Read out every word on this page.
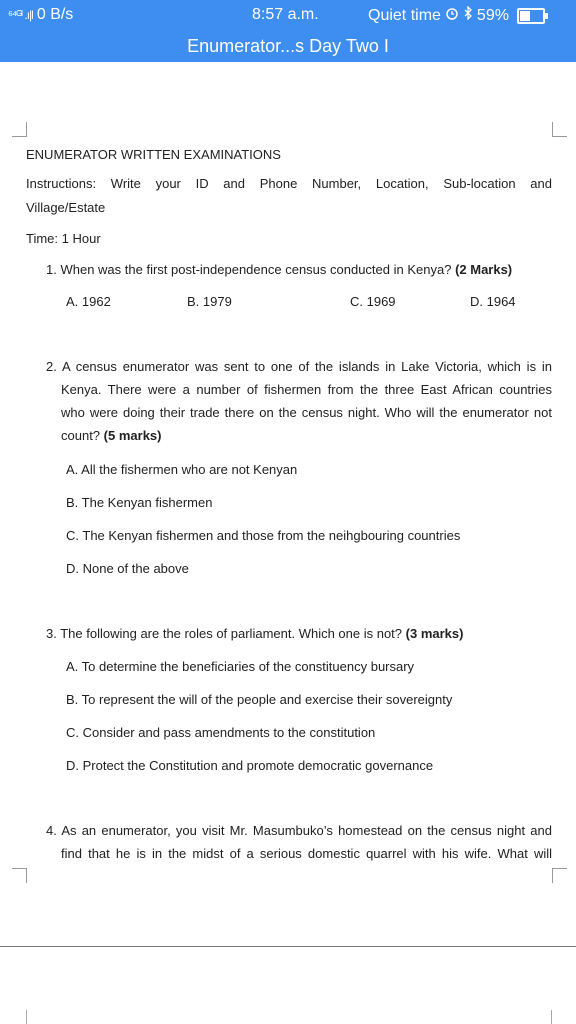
⁶⁴ᴳᴵ .ı|l 0 B/s	8:57 a.m.	Quiet time 59%
Enumerator...s Day Two I
ENUMERATOR WRITTEN EXAMINATIONS
Instructions: Write your ID and Phone Number, Location, Sub-location and
Village/Estate
Time: 1 Hour
1. When was the first post-independence census conducted in Kenya? (2 Marks)
A. 1962	B. 1979	C. 1969	D. 1964
2. A census enumerator was sent to one of the islands in Lake Victoria, which is in
Kenya. There were a number of fishermen from the three East African countries
who were doing their trade there on the census night. Who will the enumerator not
count? (5 marks)
A. All the fishermen who are not Kenyan
B. The Kenyan fishermen
C. The Kenyan fishermen and those from the neihgbouring countries
D. None of the above
3. The following are the roles of parliament. Which one is not? (3 marks)
A. To determine the beneficiaries of the constituency bursary
B. To represent the will of the people and exercise their sovereignty
C. Consider and pass amendments to the constitution
D. Protect the Constitution and promote democratic governance
4. As an enumerator, you visit Mr. Masumbuko’s homestead on the census night and
find that he is in the midst of a serious domestic quarrel with his wife. What will
